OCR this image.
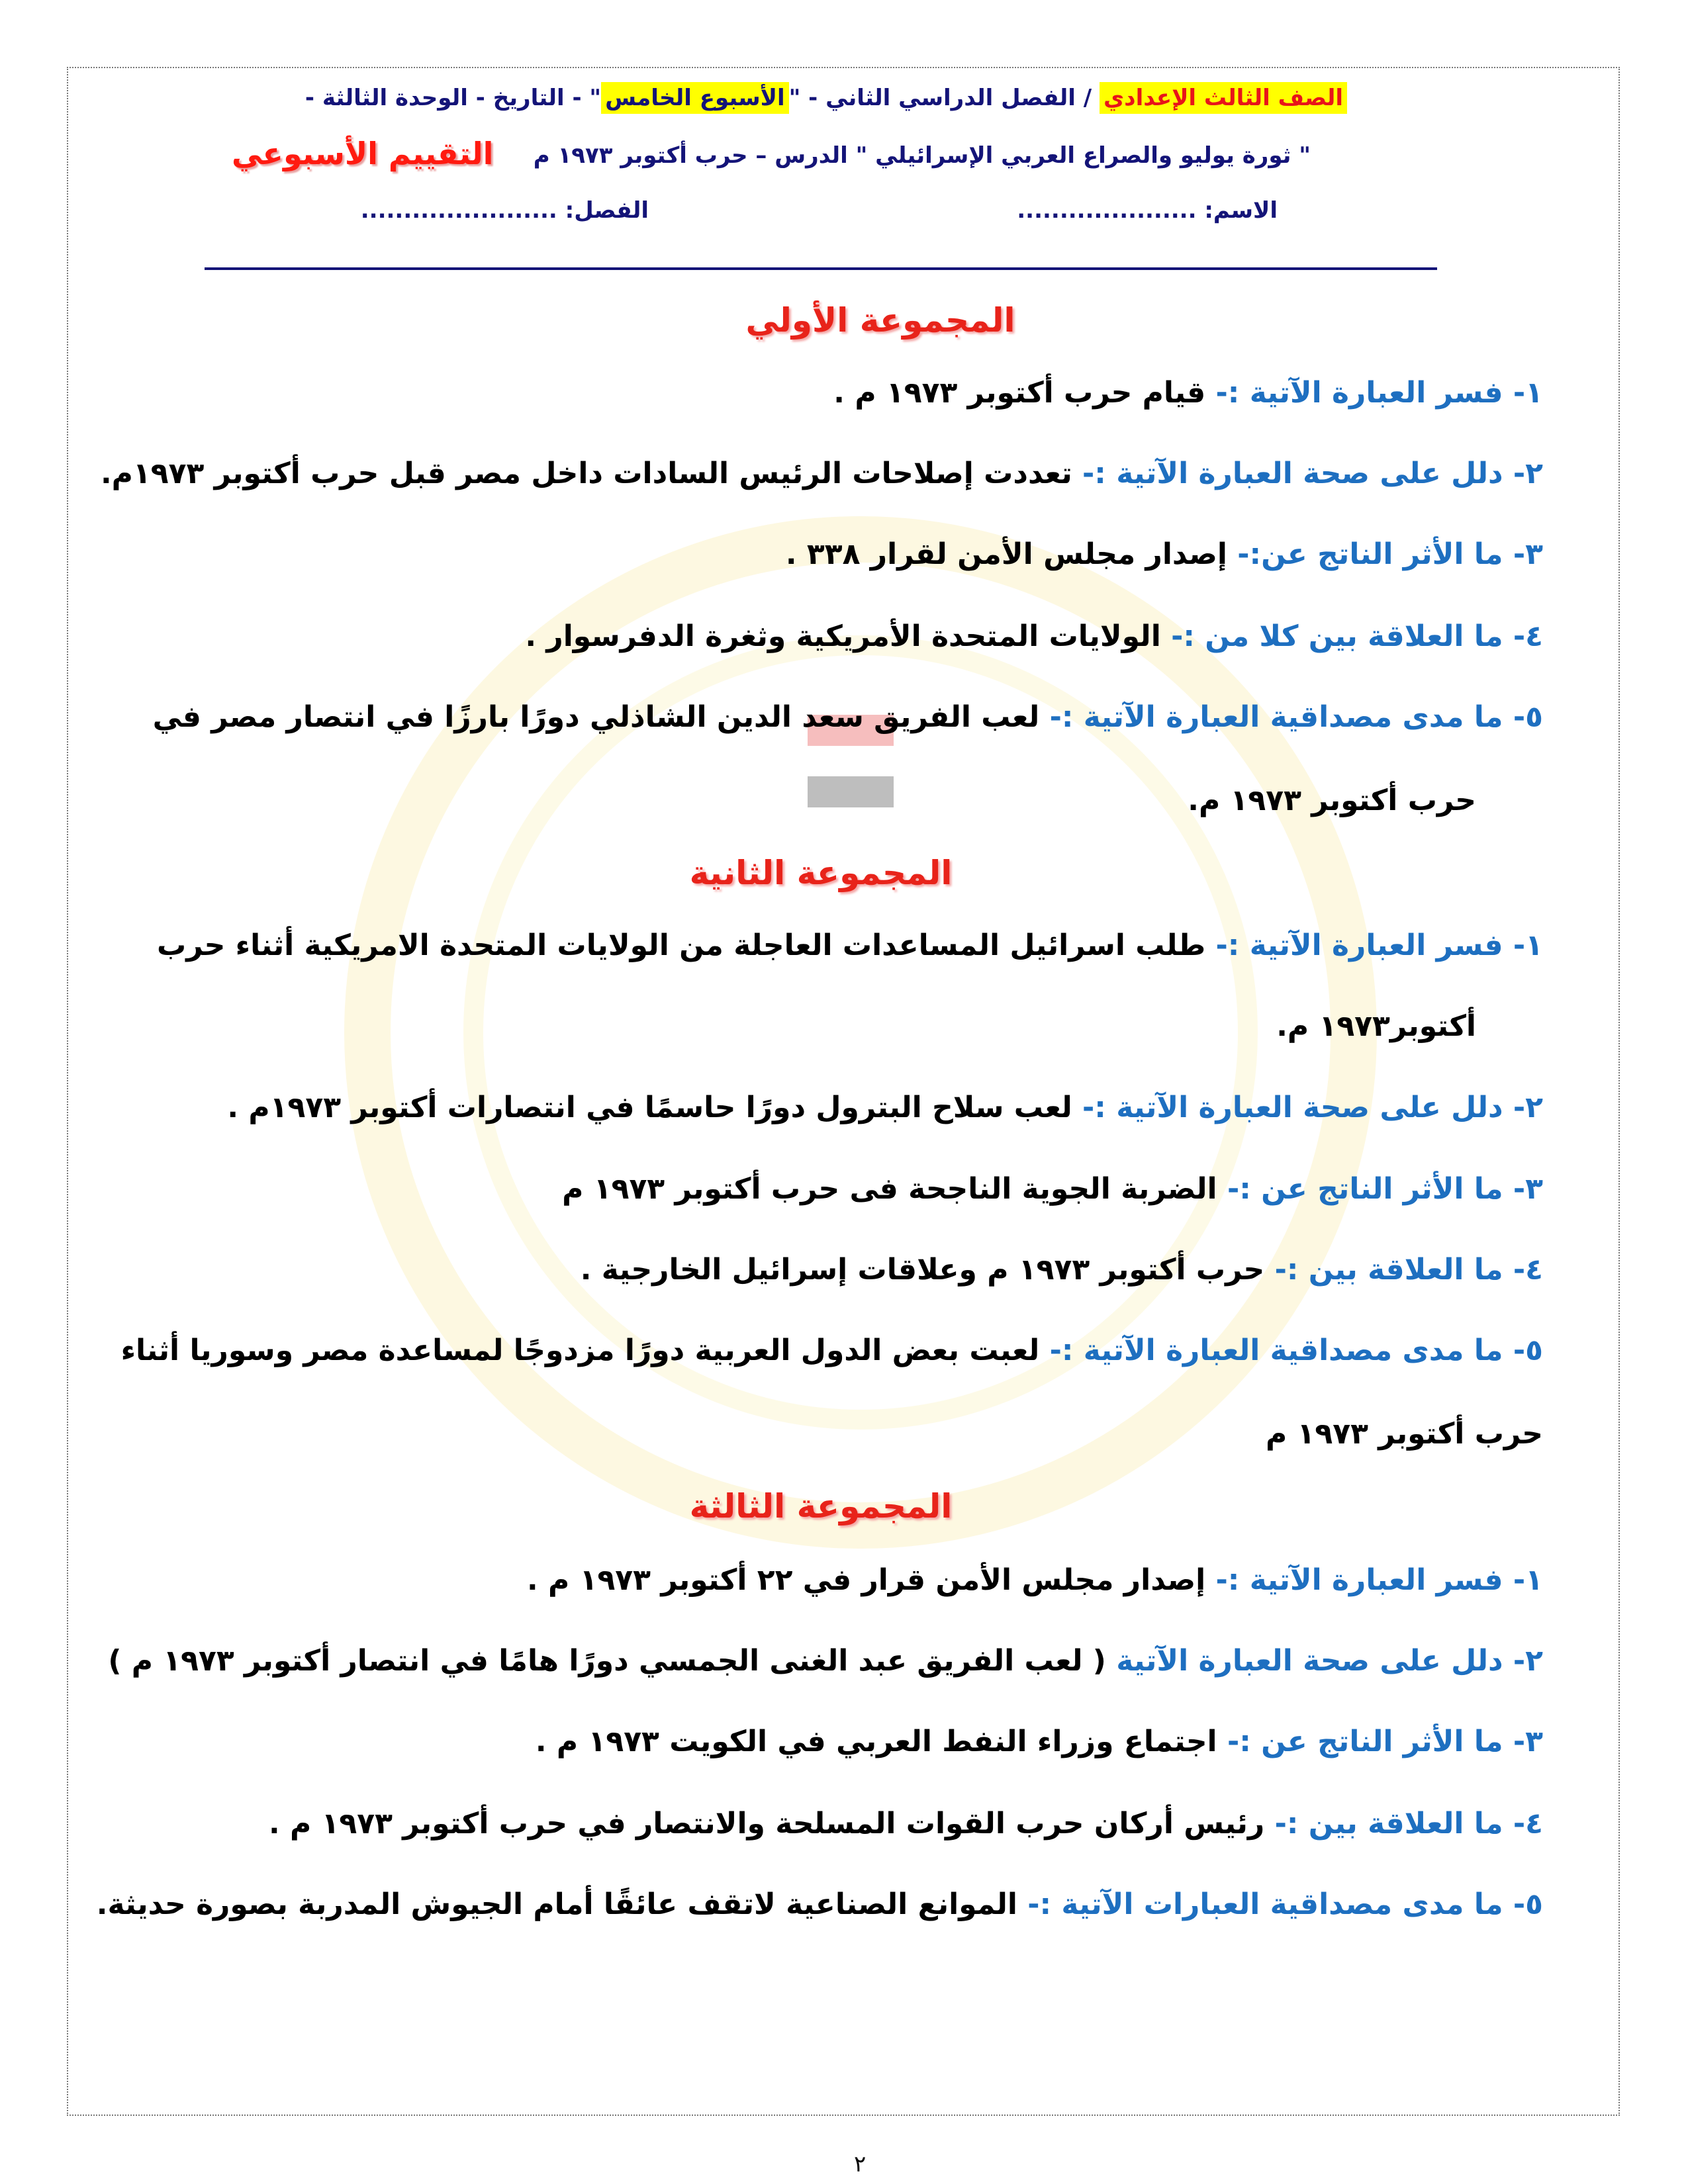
الصف الثالث الإعدادي / الفصل الدراسي الثاني - "الأسبوع الخامس" - التاريخ - الوحدة الثالثة -
" ثورة يوليو والصراع العربي الإسرائيلي " الدرس – حرب أكتوبر ١٩٧٣ م
التقييم الأسبوعي
الاسم: .....................
الفصل: .......................
المجموعة الأولي
١- فسر العبارة الآتية :- قيام حرب أكتوبر ١٩٧٣ م .
٢- دلل على صحة العبارة الآتية :- تعددت إصلاحات الرئيس السادات داخل مصر قبل حرب أكتوبر ١٩٧٣م.
٣- ما الأثر الناتج عن:- إصدار مجلس الأمن لقرار ٣٣٨ .
٤- ما العلاقة بين كلا من :- الولايات المتحدة الأمريكية وثغرة الدفرسوار .
٥- ما مدى مصداقية العبارة الآتية :- لعب الفريق سعد الدين الشاذلي دورًا بارزًا في انتصار مصر في
حرب أكتوبر ١٩٧٣ م.
المجموعة الثانية
١- فسر العبارة الآتية :- طلب اسرائيل المساعدات العاجلة من الولايات المتحدة الامريكية أثناء حرب
أكتوبر١٩٧٣ م.
٢- دلل على صحة العبارة الآتية :- لعب سلاح البترول دورًا حاسمًا في انتصارات أكتوبر ١٩٧٣م .
٣- ما الأثر الناتج عن :- الضربة الجوية الناجحة فى حرب أكتوبر ١٩٧٣ م
٤- ما العلاقة بين :- حرب أكتوبر ١٩٧٣ م وعلاقات إسرائيل الخارجية .
٥- ما مدى مصداقية العبارة الآتية :- لعبت بعض الدول العربية دورًا مزدوجًا لمساعدة مصر وسوريا أثناء
حرب أكتوبر ١٩٧٣ م
المجموعة الثالثة
١- فسر العبارة الآتية :- إصدار مجلس الأمن قرار في ٢٢ أكتوبر ١٩٧٣ م .
٢- دلل على صحة العبارة الآتية ( لعب الفريق عبد الغنى الجمسي دورًا هامًا في انتصار أكتوبر ١٩٧٣ م )
٣- ما الأثر الناتج عن :- اجتماع وزراء النفط العربي في الكويت ١٩٧٣ م .
٤- ما العلاقة بين :- رئيس أركان حرب القوات المسلحة والانتصار في حرب أكتوبر ١٩٧٣ م .
٥- ما مدى مصداقية العبارات الآتية :- الموانع الصناعية لاتقف عائقًا أمام الجيوش المدربة بصورة حديثة.
٢
